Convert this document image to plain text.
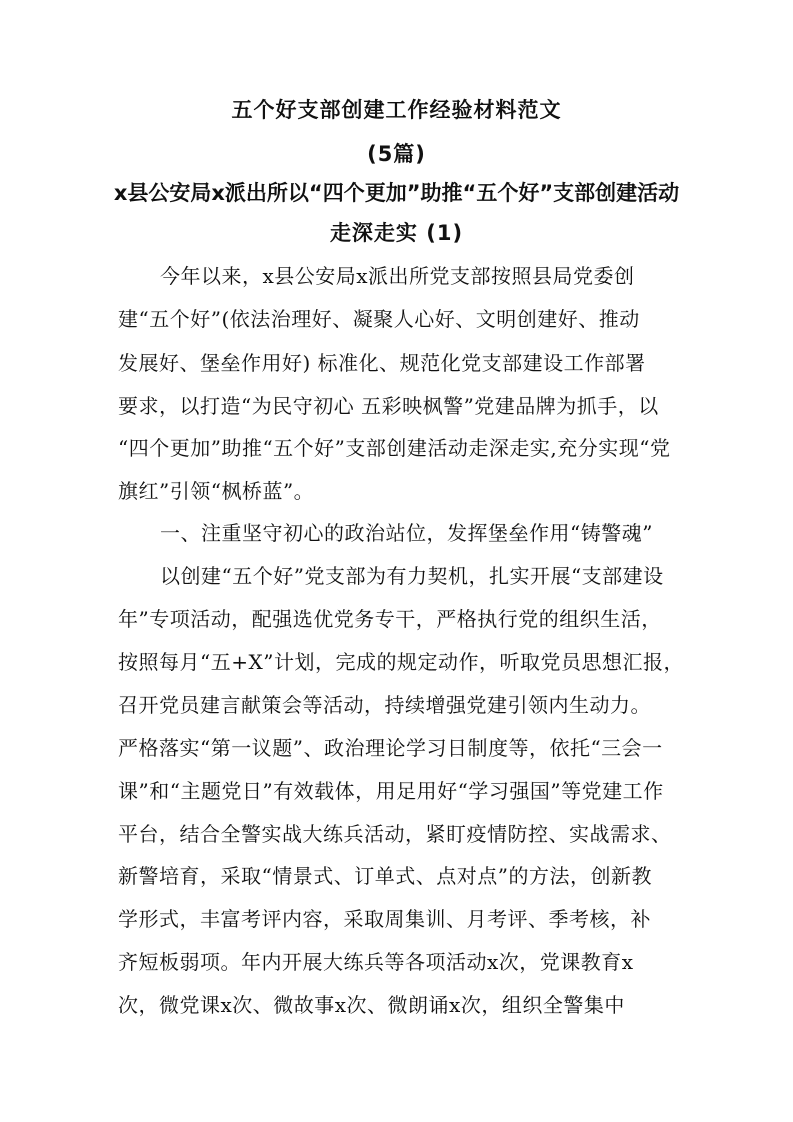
五个好支部创建工作经验材料范文
(5篇)
x县公安局x派出所以“四个更加”助推“五个好”支部创建活动
走深走实 (1)
今年以来，x县公安局x派出所党支部按照县局党委创
建“五个好”(依法治理好、凝聚人心好、文明创建好、推动
发展好、堡垒作用好) 标准化、规范化党支部建设工作部署
要求，以打造“为民守初心 五彩映枫警”党建品牌为抓手，以
“四个更加”助推“五个好”支部创建活动走深走实,充分实现“党
旗红”引领“枫桥蓝”。
一、注重坚守初心的政治站位，发挥堡垒作用“铸警魂”
以创建“五个好”党支部为有力契机，扎实开展“支部建设
年”专项活动，配强选优党务专干，严格执行党的组织生活，
按照每月“五+X”计划，完成的规定动作，听取党员思想汇报，
召开党员建言献策会等活动，持续增强党建引领内生动力。
严格落实“第一议题”、政治理论学习日制度等，依托“三会一
课”和“主题党日”有效载体，用足用好“学习强国”等党建工作
平台，结合全警实战大练兵活动，紧盯疫情防控、实战需求、
新警培育，采取“情景式、订单式、点对点”的方法，创新教
学形式，丰富考评内容，采取周集训、月考评、季考核，补
齐短板弱项。年内开展大练兵等各项活动x次，党课教育x
次，微党课x次、微故事x次、微朗诵x次，组织全警集中
